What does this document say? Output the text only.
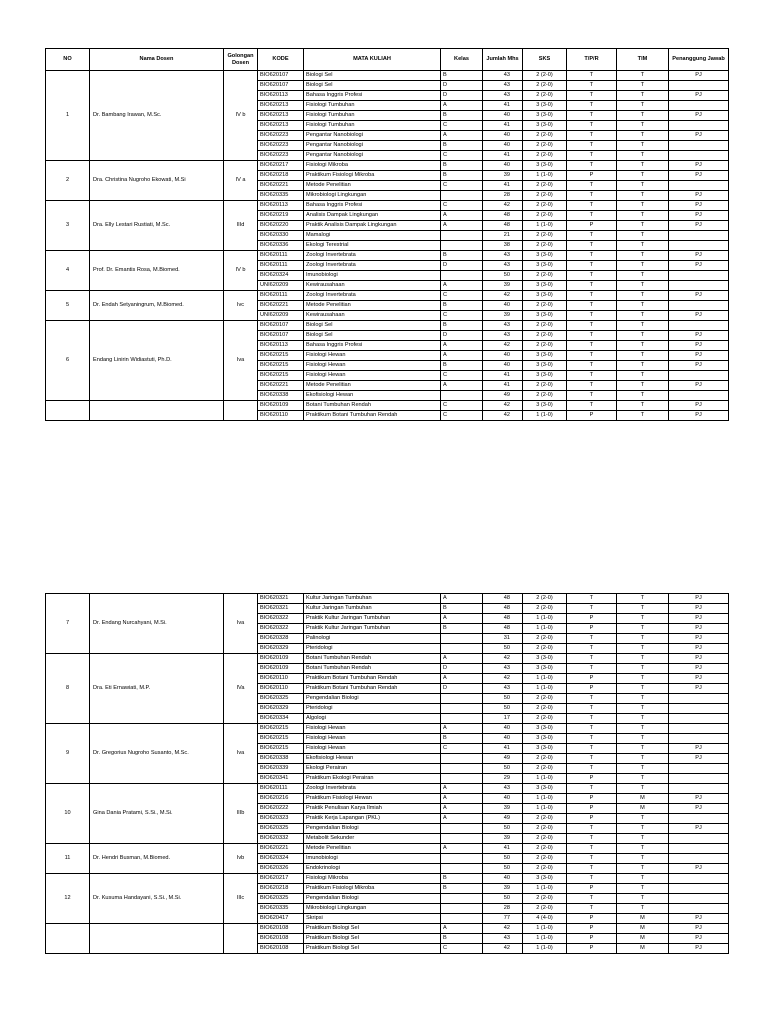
NO	Nama Dosen	Golongan Dosen	KODE	MATA KULIAH	Kelas	Jumlah Mhs	SKS	T/P/R	TIM	Penanggung Jawab
1	Dr. Bambang Irawan, M.Sc.	IV b	BIO620107	Biologi Sel	B	43	2 (2-0)	T	T	PJ
			BIO620107	Biologi Sel	D	43	2 (2-0)	T	T	
			BIO620113	Bahasa Inggris Profesi	D	43	2 (2-0)	T	T	PJ
			BIO620213	Fisiologi Tumbuhan	A	41	3 (3-0)	T	T	
			BIO620213	Fisiologi Tumbuhan	B	40	3 (3-0)	T	T	PJ
			BIO620213	Fisiologi Tumbuhan	C	41	3 (3-0)	T	T	
			BIO620223	Pengantar Nanobiologi	A	40	2 (2-0)	T	T	PJ
			BIO620223	Pengantar Nanobiologi	B	40	2 (2-0)	T	T	
			BIO620223	Pengantar Nanobiologi	C	41	2 (2-0)	T	T	
2	Dra. Christina Nugroho Ekowati, M.Si	IV a	BIO620217	Fisiologi Mikroba	B	40	3 (3-0)	T	T	PJ
			BIO620218	Praktikum Fisiologi Mikroba	B	39	1 (1-0)	P	T	PJ
			BIO620221	Metode Penelitian	C	41	2 (2-0)	T	T	
			BIO620335	Mikrobiologi Lingkungan		28	2 (2-0)	T	T	PJ
3	Dra. Elly Lestari Rustiati, M.Sc.	IIId	BIO620113	Bahasa Inggris Profesi	C	42	2 (2-0)	T	T	PJ
			BIO620219	Analisis Dampak Lingkungan	A	48	2 (2-0)	T	T	PJ
			BIO620220	Praktik Analisis Dampak Lingkungan	A	48	1 (1-0)	P	T	PJ
			BIO620330	Mamalogi		21	2 (2-0)	T	T	
			BIO620336	Ekologi Terestrial		38	2 (2-0)	T	T	
4	Prof. Dr. Emantis Rosa, M.Biomed.	IV b	BIO620111	Zoologi Invertebrata	B	43	3 (3-0)	T	T	PJ
			BIO620111	Zoologi Invertebrata	D	43	3 (3-0)	T	T	PJ
			BIO620324	Imunobiologi		50	2 (2-0)	T	T	
			UNI620209	Kewirausahaan	A	39	3 (3-0)	T	T	
5	Dr. Endah Setyaningrum, M.Biomed.	Ivc	BIO620111	Zoologi Invertebrata	C	42	3 (3-0)	T	T	PJ
			BIO620221	Metode Penelitian	B	40	2 (2-0)	T	T	
			UNI620209	Kewirausahaan	C	39	3 (3-0)	T	T	PJ
6	Endang Linirin Widiastuti, Ph.D.	Iva	BIO620107	Biologi Sel	B	43	2 (2-0)	T	T	
			BIO620107	Biologi Sel	D	43	2 (2-0)	T	T	PJ
			BIO620113	Bahasa Inggris Profesi	A	42	2 (2-0)	T	T	PJ
			BIO620215	Fisiologi Hewan	A	40	3 (3-0)	T	T	PJ
			BIO620215	Fisiologi Hewan	B	40	3 (3-0)	T	T	PJ
			BIO620215	Fisiologi Hewan	C	41	3 (3-0)	T	T	
			BIO620221	Metode Penelitian	A	41	2 (2-0)	T	T	PJ
			BIO620338	Ekofisiologi Hewan		49	2 (2-0)	T	T	
			BIO620109	Botani Tumbuhan Rendah	C	42	3 (3-0)	T	T	PJ
			BIO620110	Praktikum Botani Tumbuhan Rendah	C	42	1 (1-0)	P	T	PJ
7	Dr. Endang Nurcahyani, M.Si.	Iva	BIO620321	Kultur Jaringan Tumbuhan	A	48	2 (2-0)	T	T	PJ
			BIO620321	Kultur Jaringan Tumbuhan	B	48	2 (2-0)	T	T	PJ
			BIO620322	Praktik Kultur Jaringan Tumbuhan	A	48	1 (1-0)	P	T	PJ
			BIO620322	Praktik Kultur Jaringan Tumbuhan	B	48	1 (1-0)	P	T	PJ
			BIO620328	Palinologi		31	2 (2-0)	T	T	PJ
			BIO620329	Pteridologi		50	2 (2-0)	T	T	PJ
8	Dra. Eti Ernawiati, M.P.	IVa	BIO620109	Botani Tumbuhan Rendah	A	42	3 (3-0)	T	T	PJ
			BIO620109	Botani Tumbuhan Rendah	D	43	3 (3-0)	T	T	PJ
			BIO620110	Praktikum Botani Tumbuhan Rendah	A	42	1 (1-0)	P	T	PJ
			BIO620110	Praktikum Botani Tumbuhan Rendah	D	43	1 (1-0)	P	T	PJ
			BIO620325	Pengendalian Biologi		50	2 (2-0)	T	T	
			BIO620329	Pteridologi		50	2 (2-0)	T	T	
			BIO620334	Algologi		17	2 (2-0)	T	T	
9	Dr. Gregorius Nugroho Susanto, M.Sc.	Iva	BIO620215	Fisiologi Hewan	A	40	3 (3-0)	T	T	
			BIO620215	Fisiologi Hewan	B	40	3 (3-0)	T	T	
			BIO620215	Fisiologi Hewan	C	41	3 (3-0)	T	T	PJ
			BIO620338	Ekofisiologi Hewan		49	2 (2-0)	T	T	PJ
			BIO620339	Ekologi Perairan		50	2 (2-0)	T	T	
			BIO620341	Praktikum Ekologi Perairan		29	1 (1-0)	P	T	
10	Gina Dania Pratami, S.Si., M.Si.	IIIb	BIO620111	Zoologi Invertebrata	A	43	3 (3-0)	T	T	
			BIO620216	Praktikum Fisiologi Hewan	A	40	1 (1-0)	P	M	PJ
			BIO620222	Praktik Penulisan Karya Ilmiah	A	39	1 (1-0)	P	M	PJ
			BIO620323	Praktik Kerja Lapangan (PKL)	A	49	2 (2-0)	P	T	
			BIO620325	Pengendalian Biologi		50	2 (2-0)	T	T	PJ
			BIO620332	Metabolit Sekunder		39	2 (2-0)	T	T	
11	Dr. Hendri Busman, M.Biomed.	Ivb	BIO620221	Metode Penelitian	A	41	2 (2-0)	T	T	
			BIO620324	Imunobiologi		50	2 (2-0)	T	T	
			BIO620326	Endokrinologi		50	2 (2-0)	T	T	PJ
12	Dr. Kusuma Handayani, S.Si., M.Si.	IIIc	BIO620217	Fisiologi Mikroba	B	40	3 (3-0)	T	T	
			BIO620218	Praktikum Fisiologi Mikroba	B	39	1 (1-0)	P	T	
			BIO620325	Pengendalian Biologi		50	2 (2-0)	T	T	
			BIO620335	Mikrobiologi Lingkungan		28	2 (2-0)	T	T	
			BIO620417	Skripsi		77	4 (4-0)	P	M	PJ
			BIO620108	Praktikum Biologi Sel	A	42	1 (1-0)	P	M	PJ
			BIO620108	Praktikum Biologi Sel	B	43	1 (1-0)	P	M	PJ
			BIO620108	Praktikum Biologi Sel	C	42	1 (1-0)	P	M	PJ
